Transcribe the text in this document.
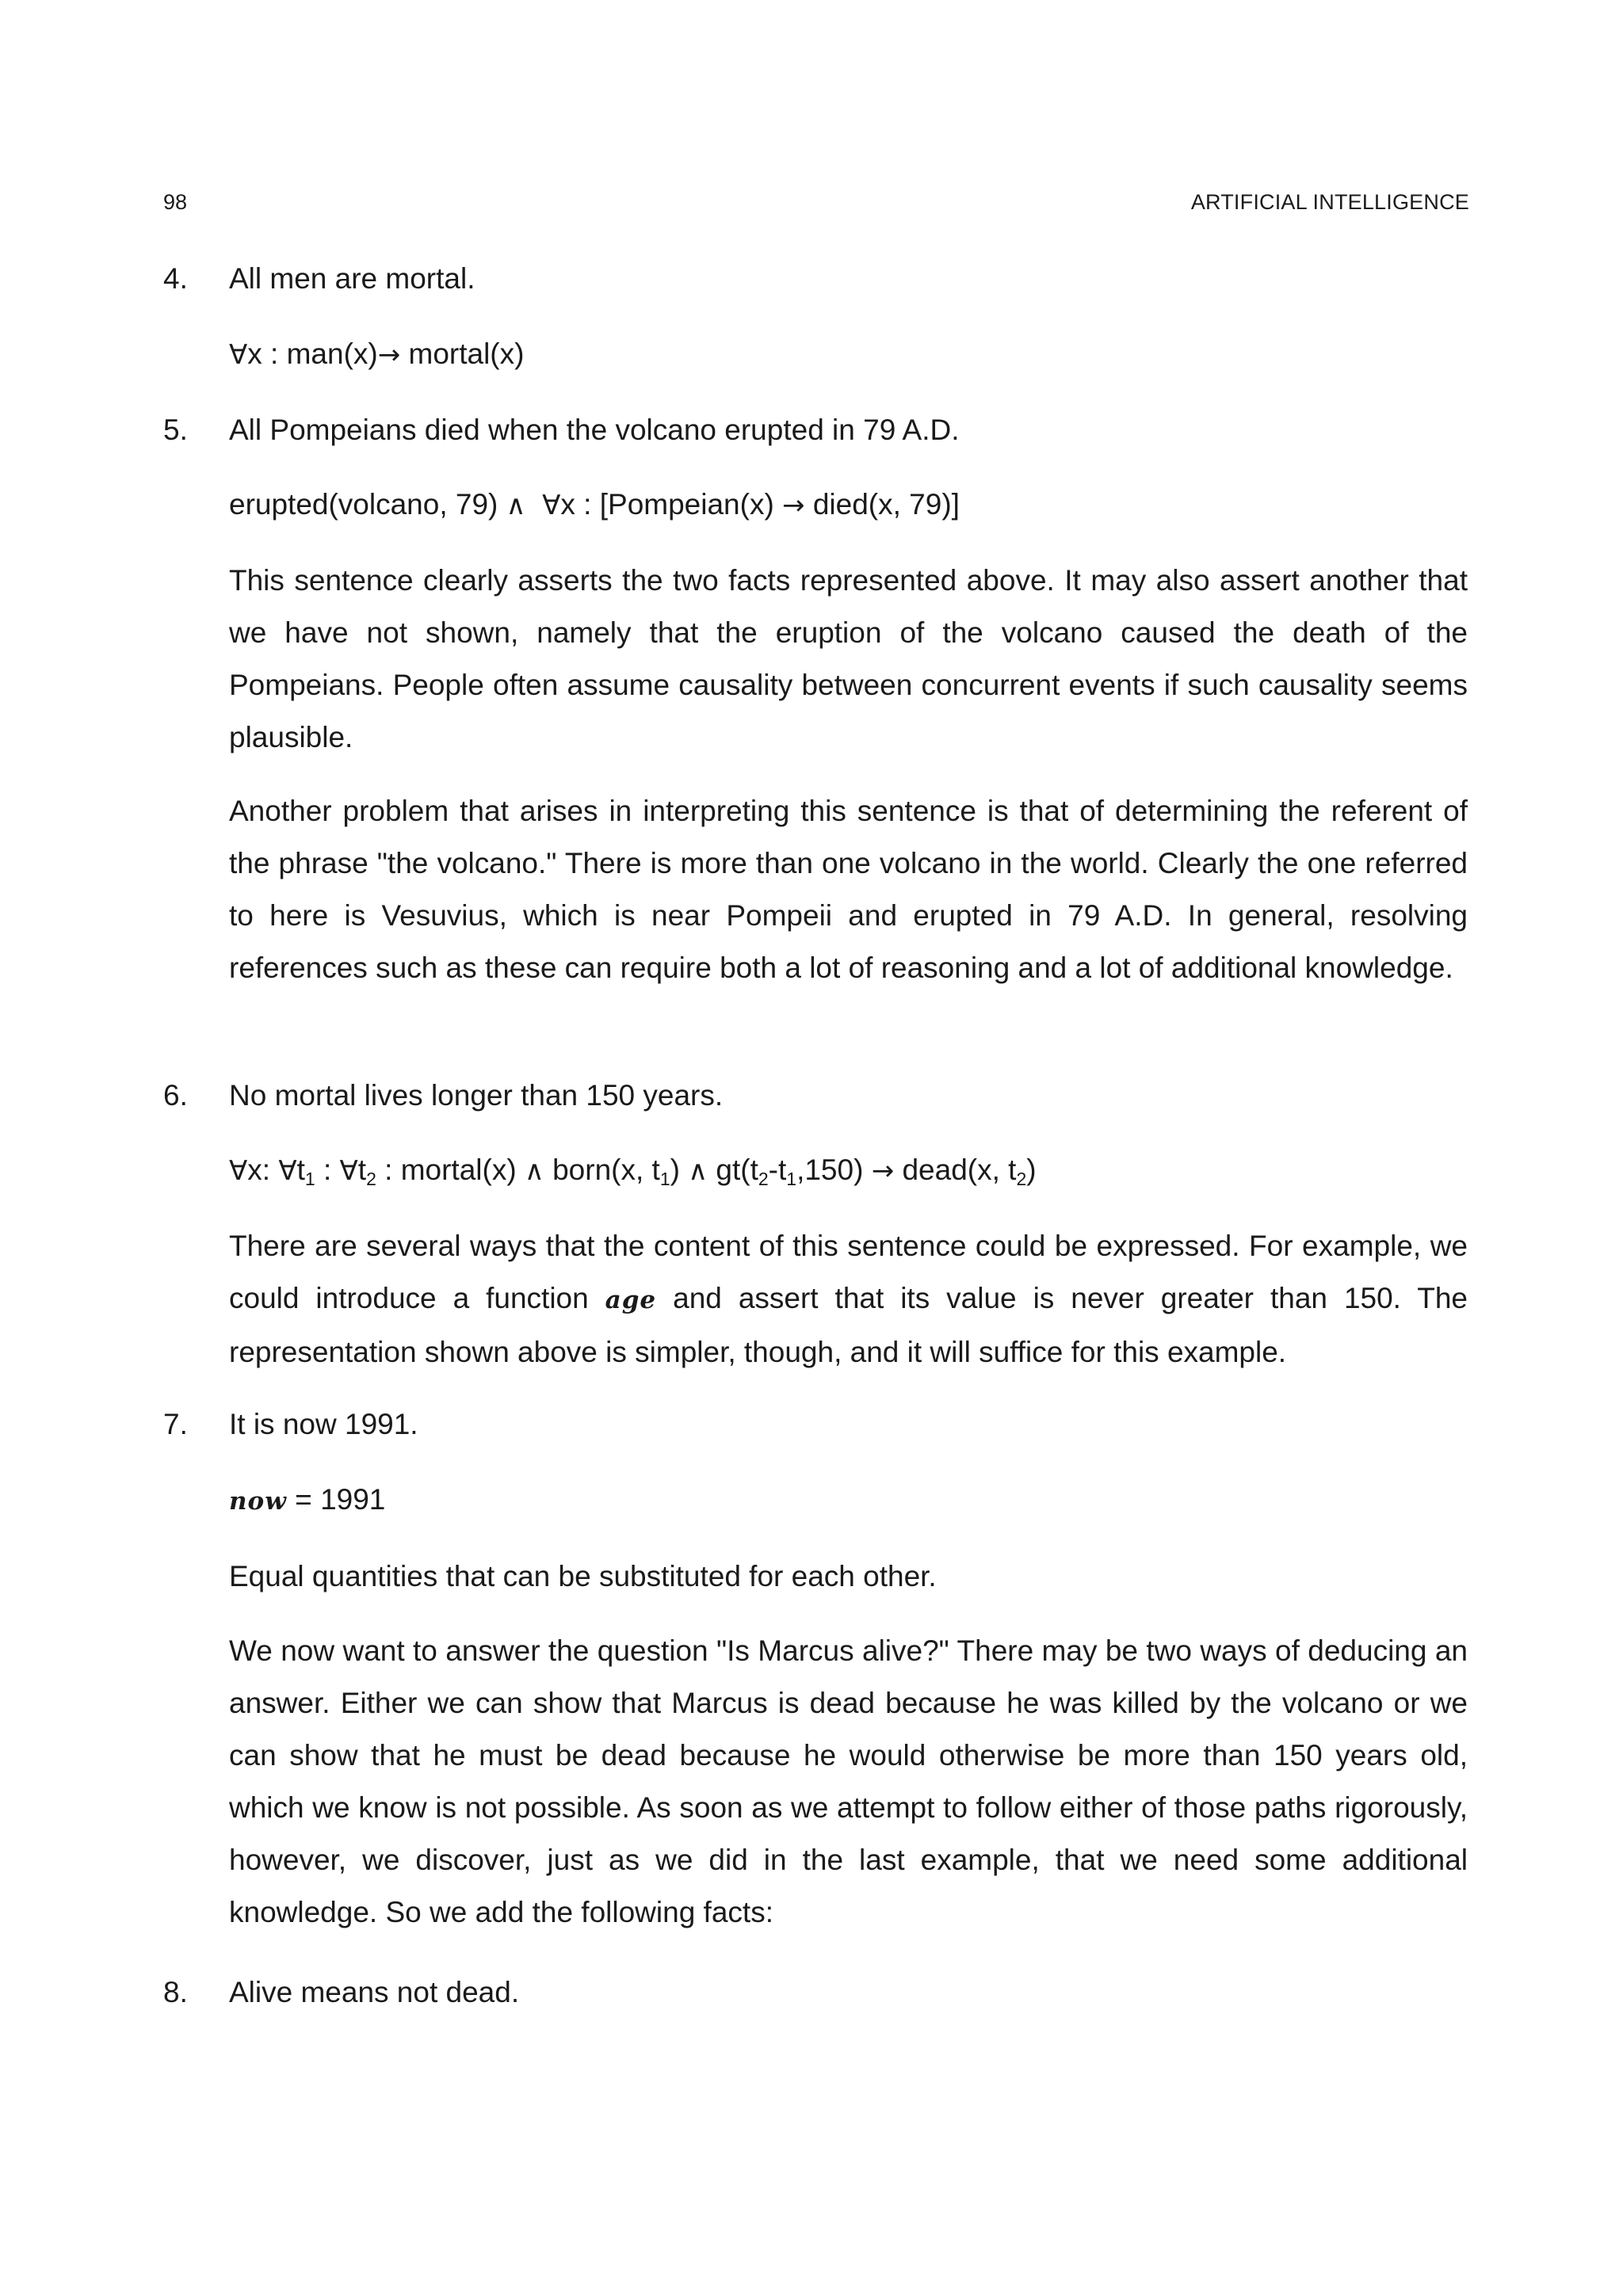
98	ARTIFICIAL INTELLIGENCE
4. All men are mortal.
∀x : man(x)→ mortal(x)
5. All Pompeians died when the volcano erupted in 79 A.D.
erupted(volcano, 79) ∧ ∀x : [Pompeian(x) → died(x, 79)]
This sentence clearly asserts the two facts represented above. It may also assert another that we have not shown, namely that the eruption of the volcano caused the death of the Pompeians. People often assume causality between concurrent events if such causality seems plausible.
Another problem that arises in interpreting this sentence is that of determining the referent of the phrase "the volcano." There is more than one volcano in the world. Clearly the one referred to here is Vesuvius, which is near Pompeii and erupted in 79 A.D. In general, resolving references such as these can require both a lot of reasoning and a lot of additional knowledge.
6. No mortal lives longer than 150 years.
∀x: $\forall t_1$ : $\forall t_2$ : mortal(x) ∧ born(x, $t_1$) ∧ $gt(t_2-t_1,150)$ → dead(x, $t_2$)
There are several ways that the content of this sentence could be expressed. For example, we could introduce a function age and assert that its value is never greater than 150. The representation shown above is simpler, though, and it will suffice for this example.
7. It is now 1991.
now = 1991
Equal quantities that can be substituted for each other.
We now want to answer the question "Is Marcus alive?" There may be two ways of deducing an answer. Either we can show that Marcus is dead because he was killed by the volcano or we can show that he must be dead because he would otherwise be more than 150 years old, which we know is not possible. As soon as we attempt to follow either of those paths rigorously, however, we discover, just as we did in the last example, that we need some additional knowledge. So we add the following facts:
8. Alive means not dead.
